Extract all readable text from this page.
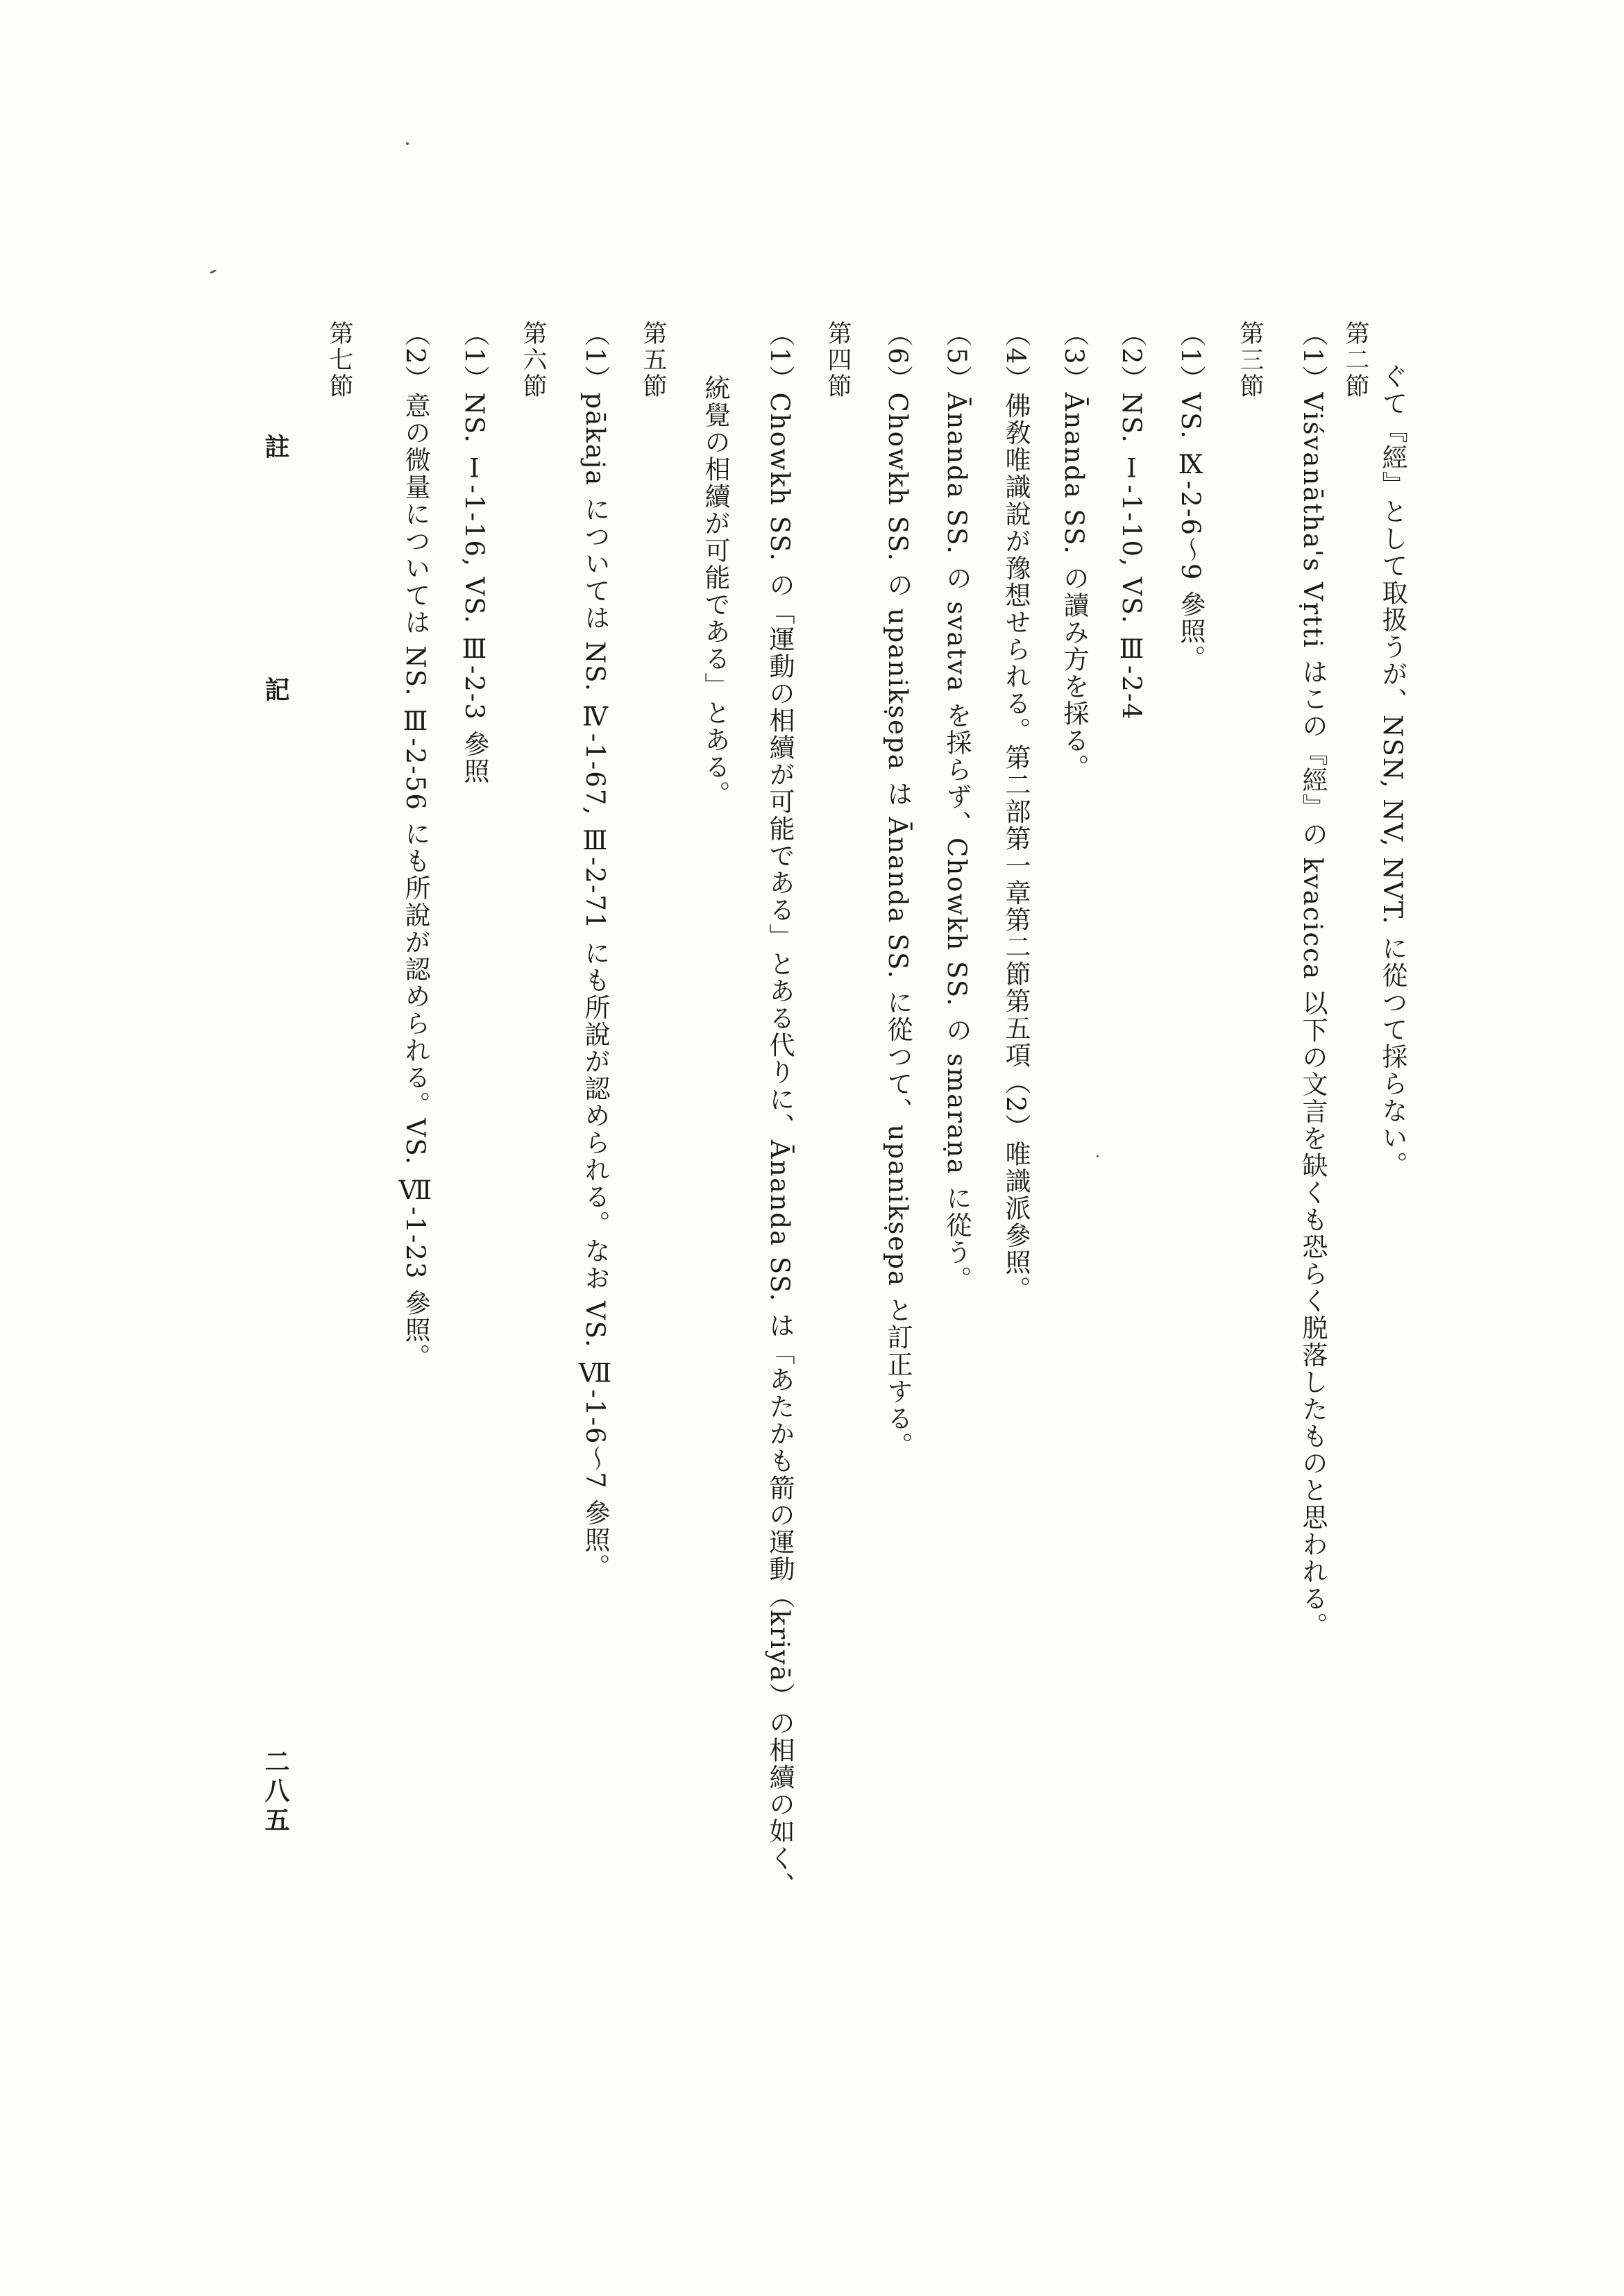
ぐて『經』として取扱うが、NSN, NV, NVT. に從つて採らない。
第二節
（1）Viśvanātha's Vṛtti はこの『經』の kvacicca 以下の文言を缺くも恐らく脱落したものと思われる。
第三節
（1）VS. Ⅸ-2-6～9 參照。
（2）NS. Ⅰ-1-10, VS. Ⅲ-2-4
（3）Ānanda SS. の讀み方を採る。
（4）佛敎唯識說が豫想せられる。第二部第一章第二節第五項（2）唯識派參照。
（5）Ānanda SS. の svatva を採らず、Chowkh SS. の smaraṇa に從う。
（6）Chowkh SS. の upanikṣepa は Ānanda SS. に從つて、upanikṣepa と訂正する。
第四節
（1）Chowkh SS. の「運動の相續が可能である」とある代りに、Ānanda SS. は「あたかも箭の運動（kriyā）の相續の如く、
統覺の相續が可能である」とある。
第五節
（1）pākaja については NS. Ⅳ-1-67, Ⅲ-2-71 にも所說が認められる。なお VS. Ⅶ-1-6～7 參照。
第六節
（1）NS. Ⅰ-1-16, VS. Ⅲ-2-3 參照
（2）意の微量については NS. Ⅲ-2-56 にも所說が認められる。VS. Ⅶ-1-23 參照。
第七節
註
記
二八五
